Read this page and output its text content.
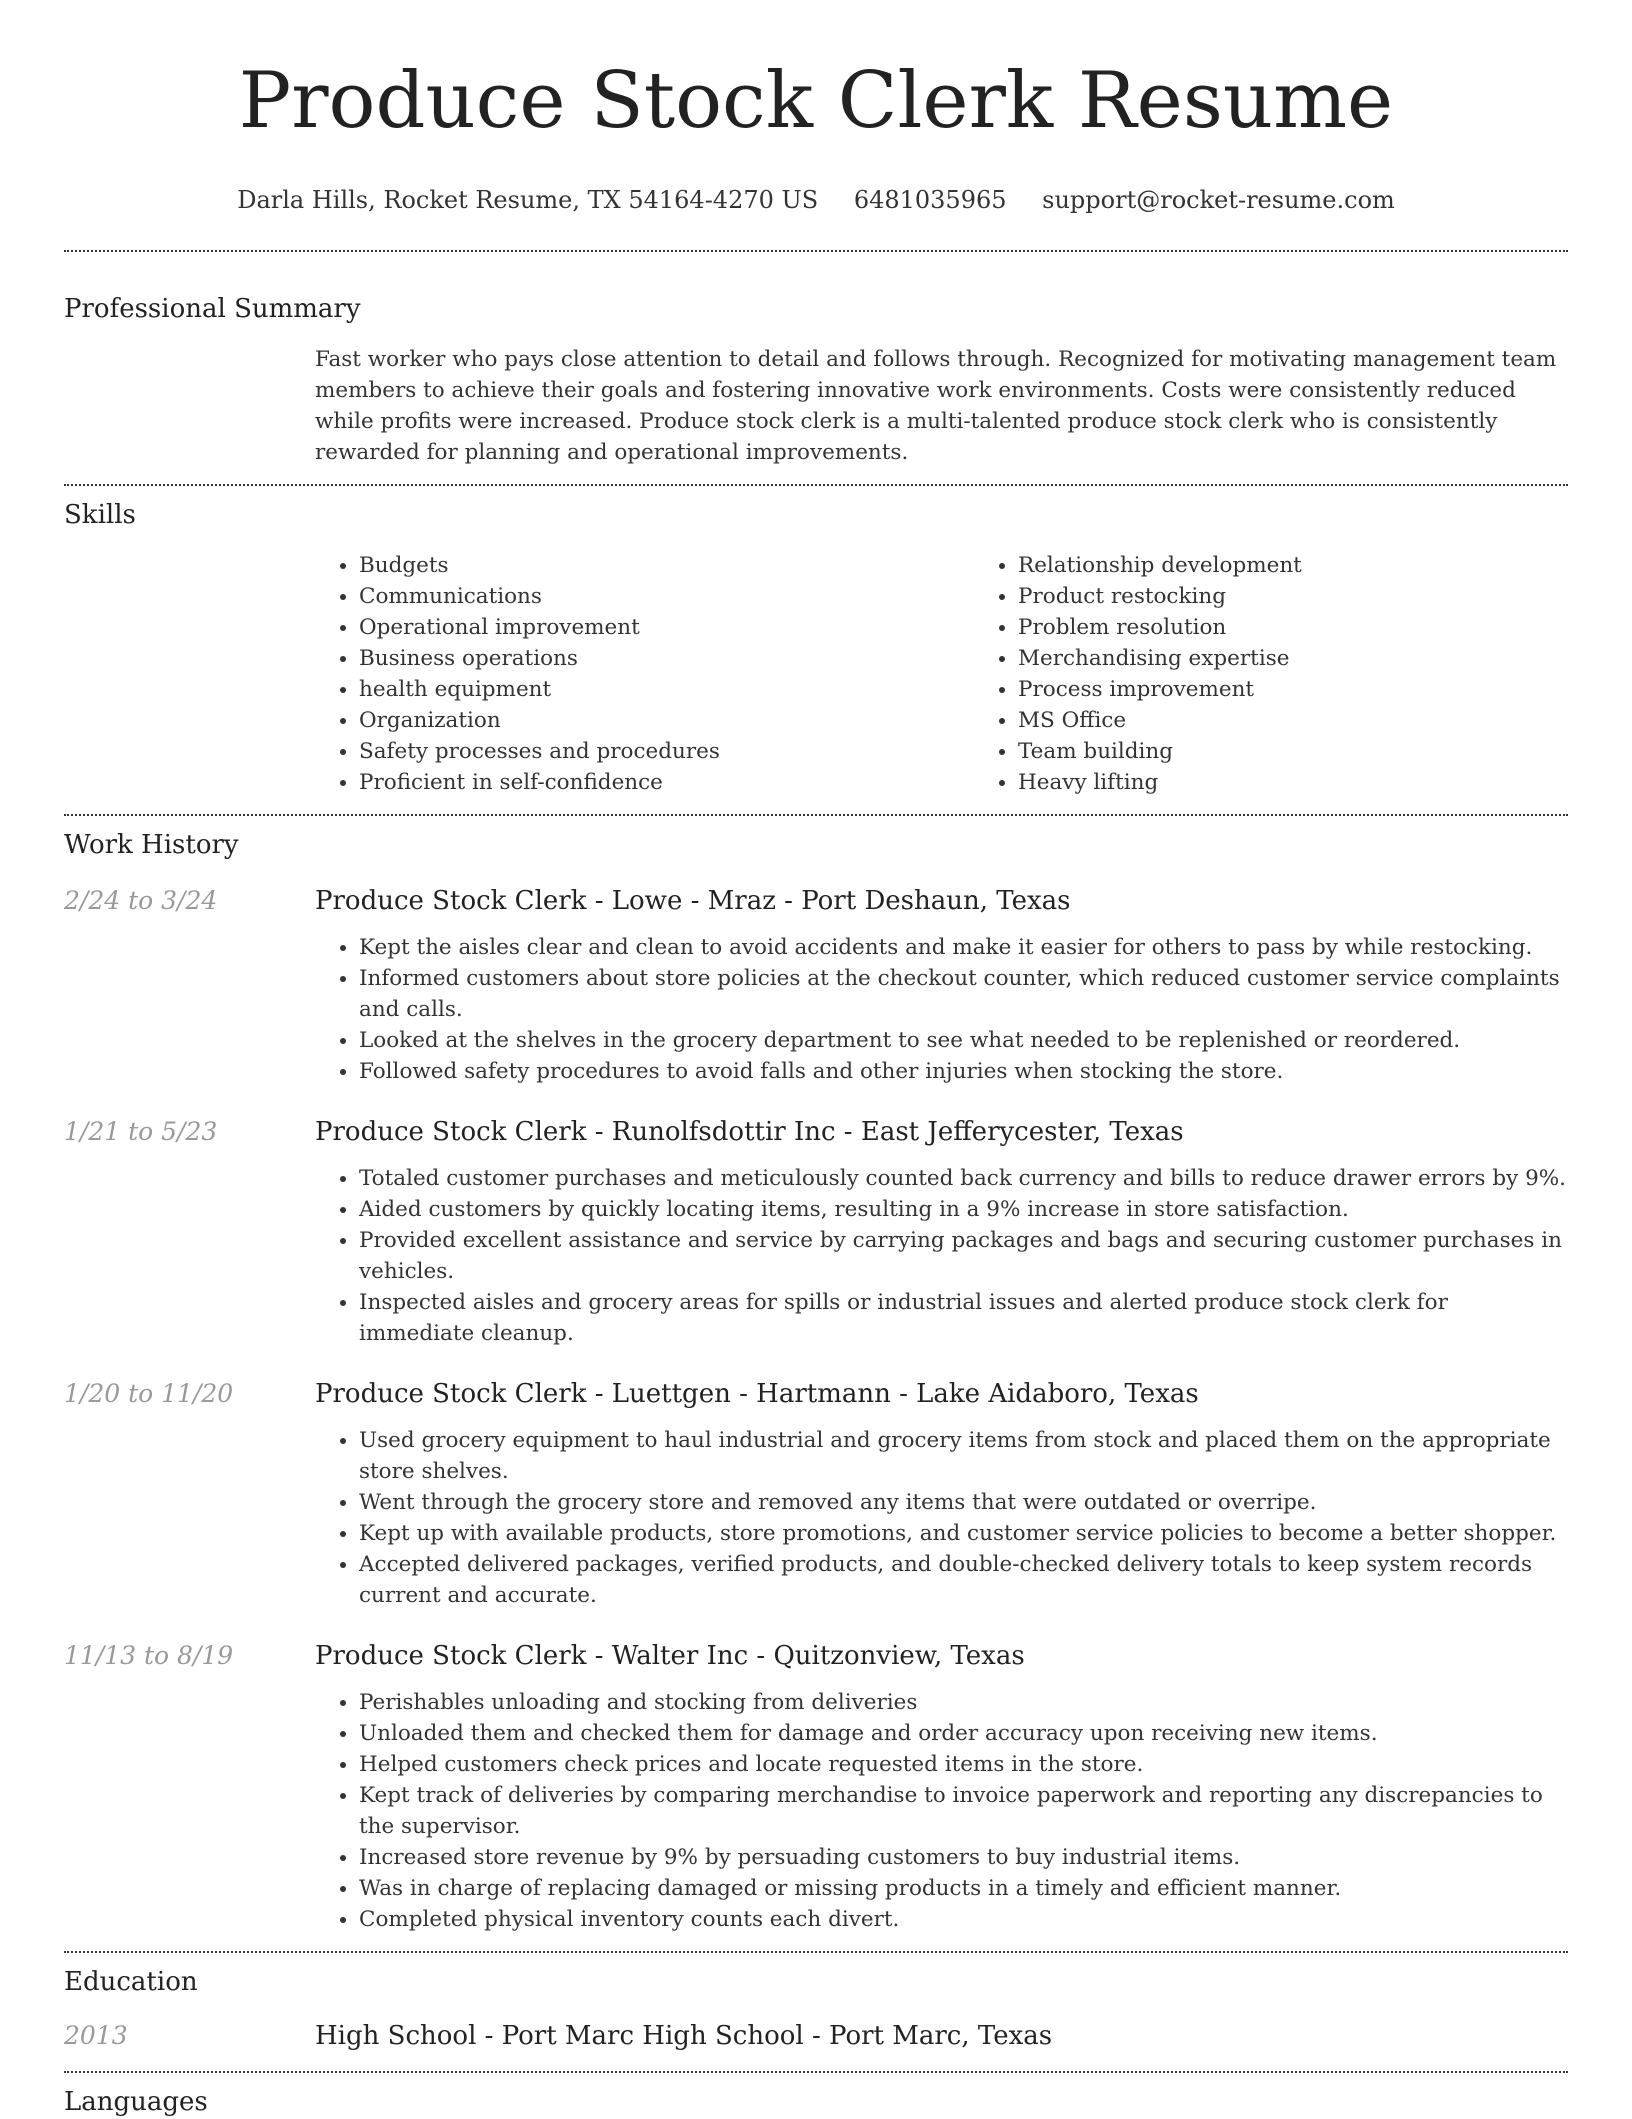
Produce Stock Clerk Resume
Darla Hills, Rocket Resume, TX 54164-4270 US 6481035965 support@rocket-resume.com
Professional Summary

Fast worker who pays close attention to detail and follows through. Recognized for motivating management team members to achieve their goals and fostering innovative work environments. Costs were consistently reduced while profits were increased. Produce stock clerk is a multi-talented produce stock clerk who is consistently rewarded for planning and operational improvements.

Skills
• Budgets
• Communications
• Operational improvement
• Business operations
• health equipment
• Organization
• Safety processes and procedures
• Proficient in self-confidence
• Relationship development
• Product restocking
• Problem resolution
• Merchandising expertise
• Process improvement
• MS Office
• Team building
• Heavy lifting
Work History
2/24 to 3/24	Produce Stock Clerk - Lowe - Mraz - Port Deshaun, Texas
• Kept the aisles clear and clean to avoid accidents and make it easier for others to pass by while restocking.
• Informed customers about store policies at the checkout counter, which reduced customer service complaints and calls.
• Looked at the shelves in the grocery department to see what needed to be replenished or reordered.
• Followed safety procedures to avoid falls and other injuries when stocking the store.
1/21 to 5/23	Produce Stock Clerk - Runolfsdottir Inc - East Jefferycester, Texas
• Totaled customer purchases and meticulously counted back currency and bills to reduce drawer errors by 9%.
• Aided customers by quickly locating items, resulting in a 9% increase in store satisfaction.
• Provided excellent assistance and service by carrying packages and bags and securing customer purchases in vehicles.
• Inspected aisles and grocery areas for spills or industrial issues and alerted produce stock clerk for immediate cleanup.
1/20 to 11/20	Produce Stock Clerk - Luettgen - Hartmann - Lake Aidaboro, Texas
• Used grocery equipment to haul industrial and grocery items from stock and placed them on the appropriate store shelves.
• Went through the grocery store and removed any items that were outdated or overripe.
• Kept up with available products, store promotions, and customer service policies to become a better shopper.
• Accepted delivered packages, verified products, and double-checked delivery totals to keep system records current and accurate.
11/13 to 8/19	Produce Stock Clerk - Walter Inc - Quitzonview, Texas
• Perishables unloading and stocking from deliveries
• Unloaded them and checked them for damage and order accuracy upon receiving new items.
• Helped customers check prices and locate requested items in the store.
• Kept track of deliveries by comparing merchandise to invoice paperwork and reporting any discrepancies to the supervisor.
• Increased store revenue by 9% by persuading customers to buy industrial items.
• Was in charge of replacing damaged or missing products in a timely and efficient manner.
• Completed physical inventory counts each divert.
Education
2013	High School - Port Marc High School - Port Marc, Texas
Languages
